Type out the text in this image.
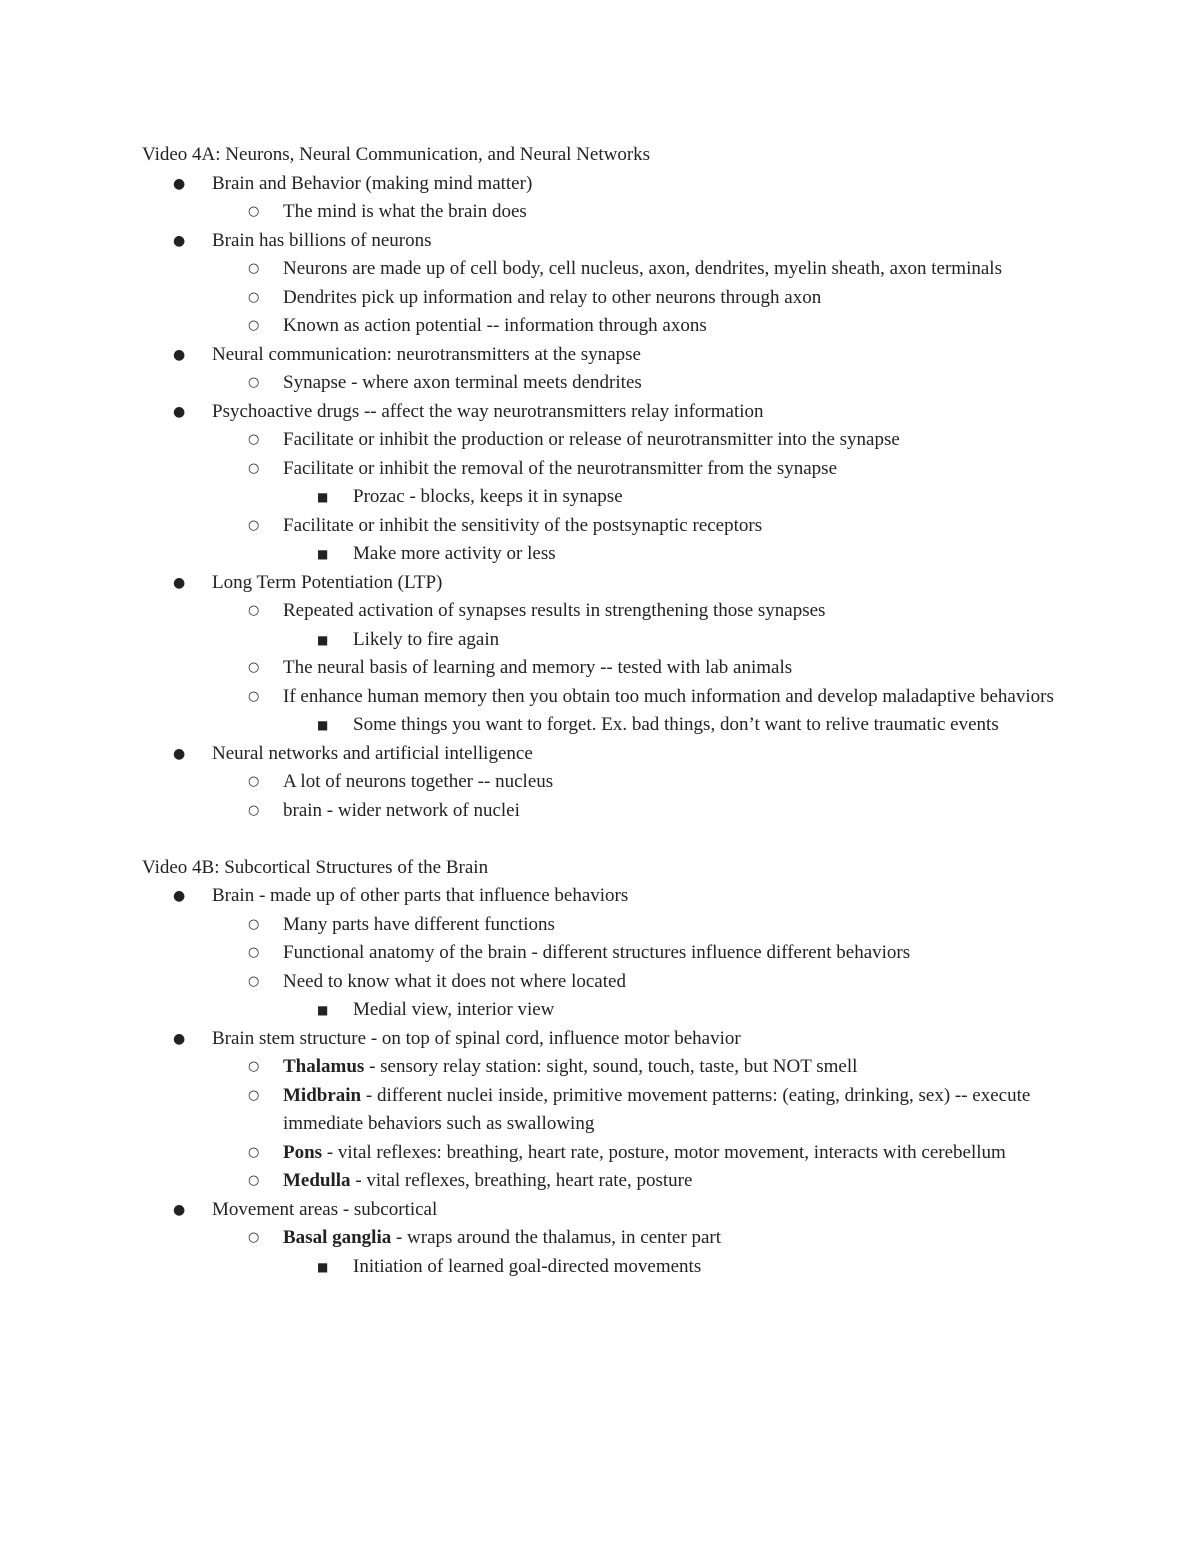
Video 4A: Neurons, Neural Communication, and Neural Networks
● Brain and Behavior (making mind matter)
○ The mind is what the brain does
● Brain has billions of neurons
○ Neurons are made up of cell body, cell nucleus, axon, dendrites, myelin sheath, axon terminals
○ Dendrites pick up information and relay to other neurons through axon
○ Known as action potential -- information through axons
● Neural communication: neurotransmitters at the synapse
○ Synapse - where axon terminal meets dendrites
● Psychoactive drugs -- affect the way neurotransmitters relay information
○ Facilitate or inhibit the production or release of neurotransmitter into the synapse
○ Facilitate or inhibit the removal of the neurotransmitter from the synapse
■ Prozac - blocks, keeps it in synapse
○ Facilitate or inhibit the sensitivity of the postsynaptic receptors
■ Make more activity or less
● Long Term Potentiation (LTP)
○ Repeated activation of synapses results in strengthening those synapses
■ Likely to fire again
○ The neural basis of learning and memory -- tested with lab animals
○ If enhance human memory then you obtain too much information and develop maladaptive behaviors
■ Some things you want to forget. Ex. bad things, don’t want to relive traumatic events
● Neural networks and artificial intelligence
○ A lot of neurons together -- nucleus
○ brain - wider network of nuclei
Video 4B: Subcortical Structures of the Brain
● Brain - made up of other parts that influence behaviors
○ Many parts have different functions
○ Functional anatomy of the brain - different structures influence different behaviors
○ Need to know what it does not where located
■ Medial view, interior view
● Brain stem structure - on top of spinal cord, influence motor behavior
○ Thalamus - sensory relay station: sight, sound, touch, taste, but NOT smell
○ Midbrain - different nuclei inside, primitive movement patterns: (eating, drinking, sex) -- execute immediate behaviors such as swallowing
○ Pons - vital reflexes: breathing, heart rate, posture, motor movement, interacts with cerebellum
○ Medulla - vital reflexes, breathing, heart rate, posture
● Movement areas - subcortical
○ Basal ganglia - wraps around the thalamus, in center part
■ Initiation of learned goal-directed movements
